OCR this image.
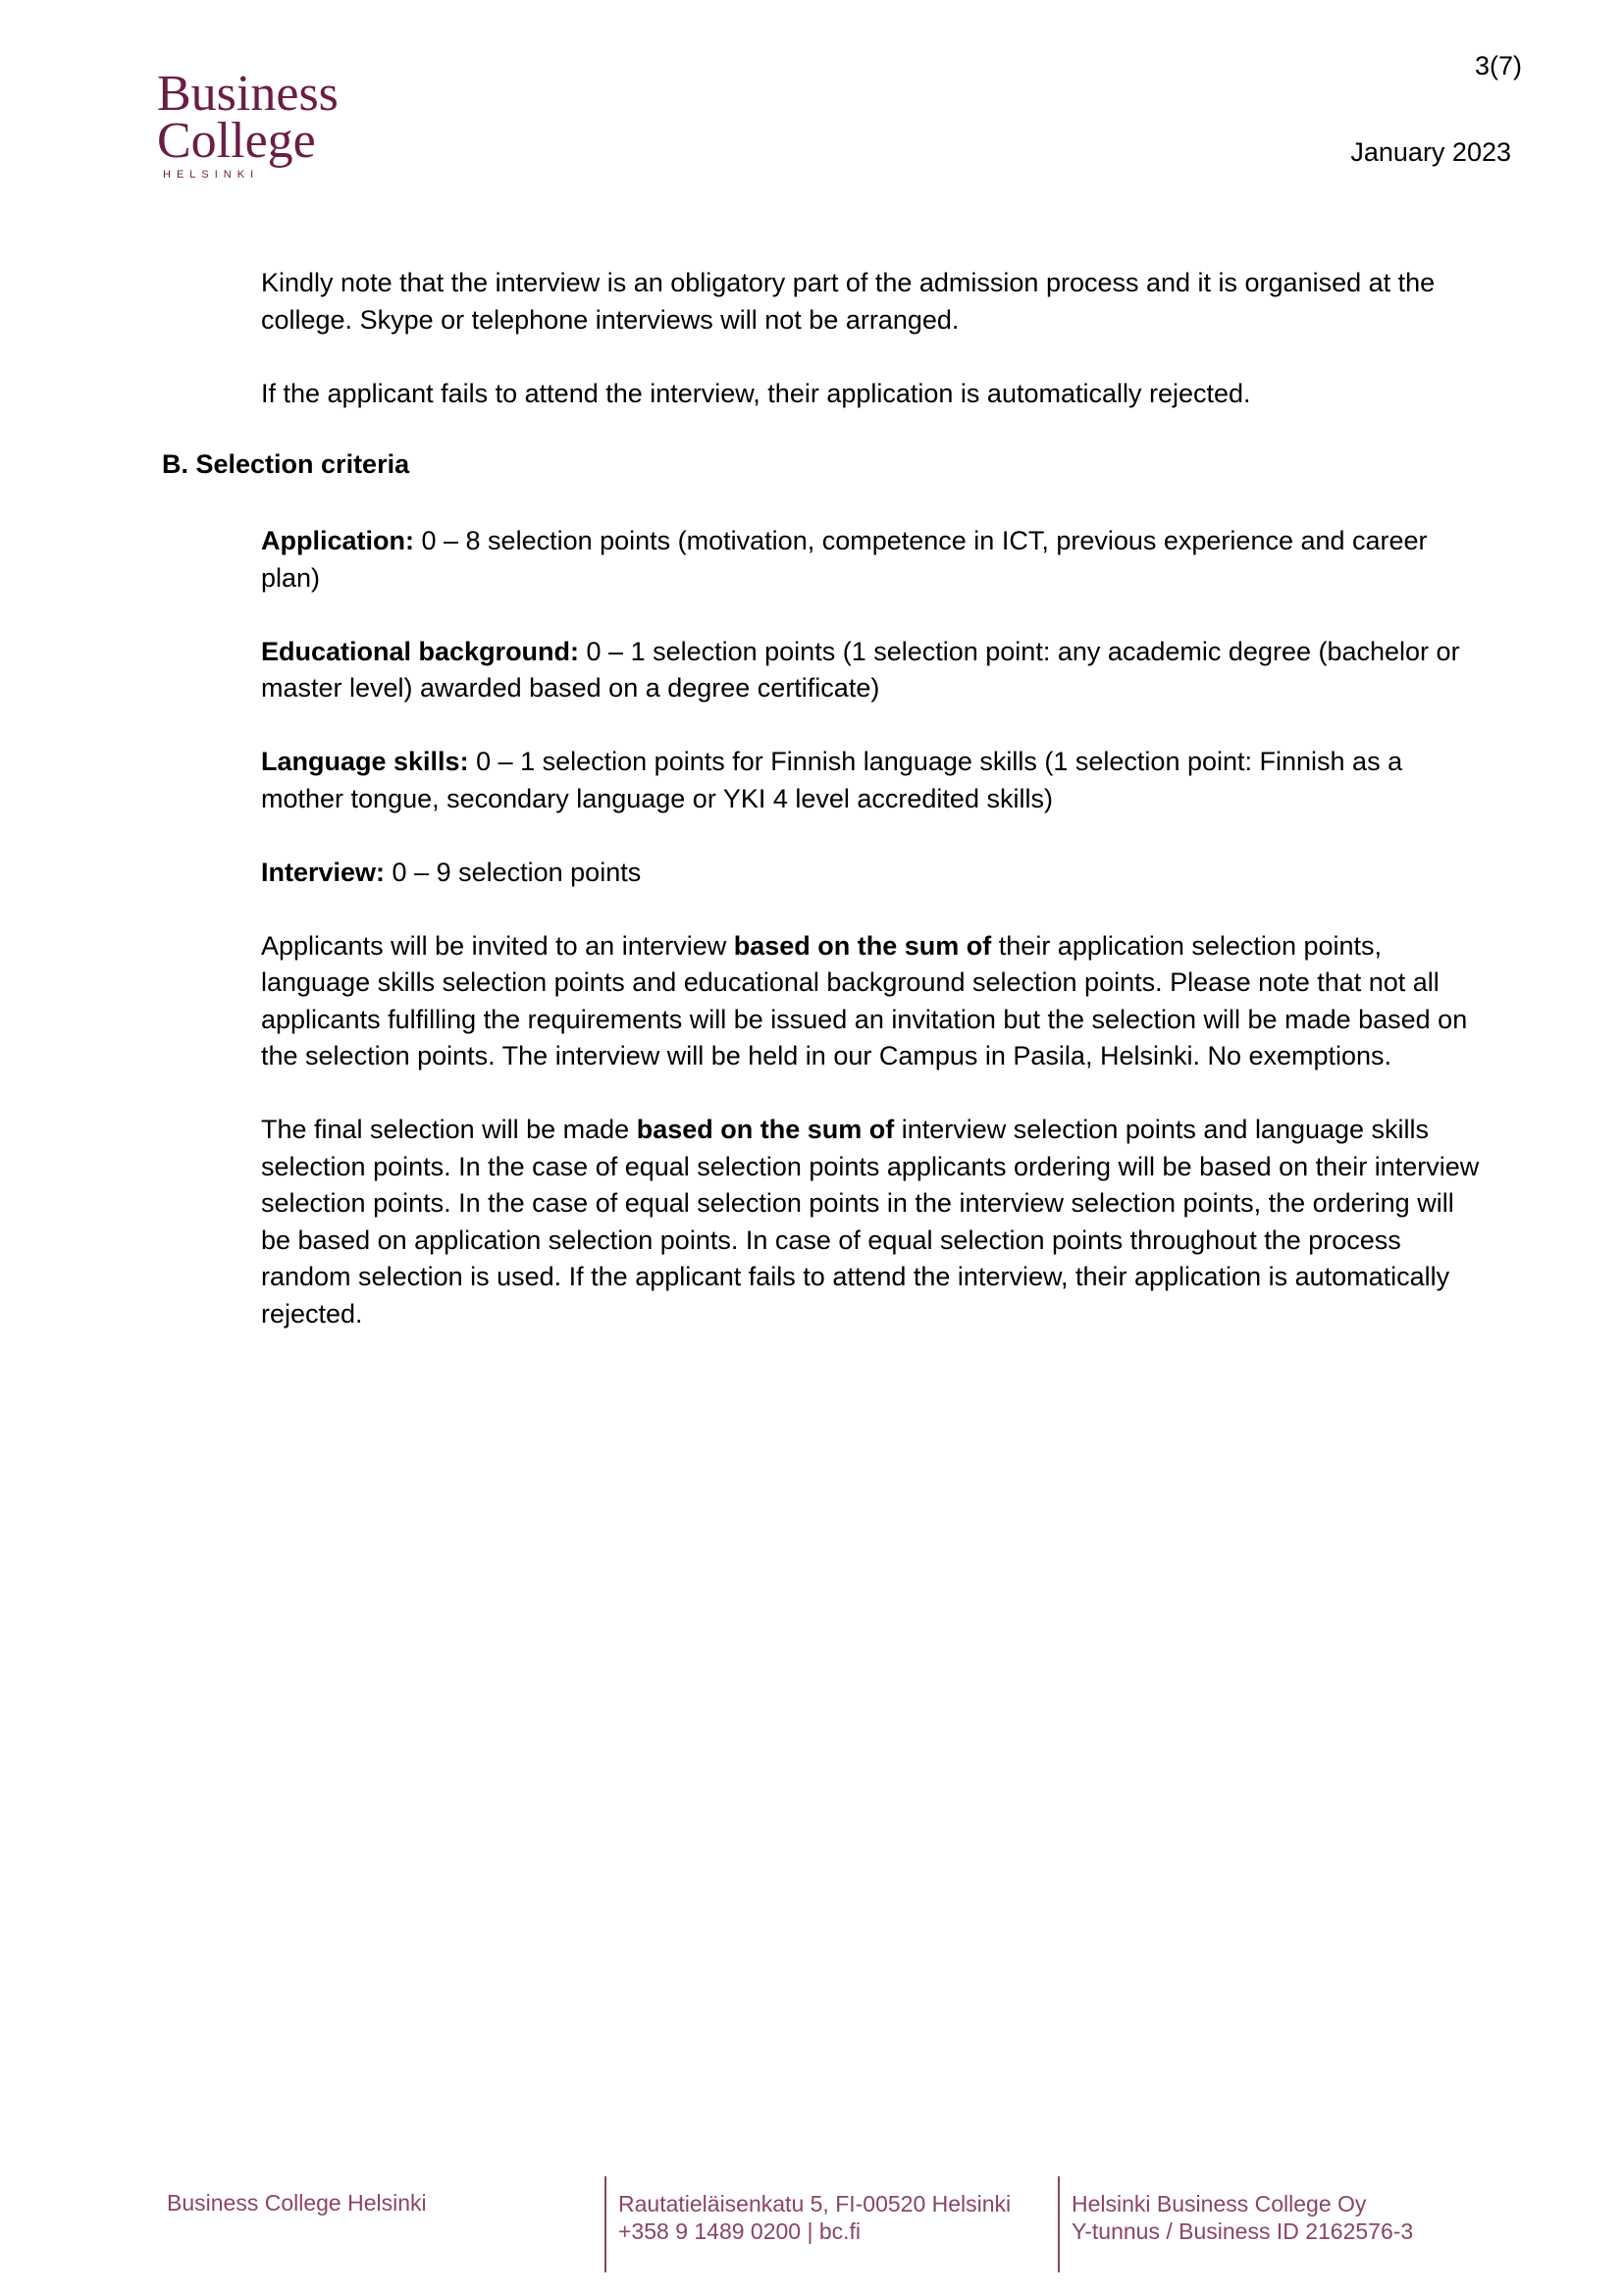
Business
College
HELSINKI
3(7)
January 2023

Kindly note that the interview is an obligatory part of the admission process and it is organised at the college. Skype or telephone interviews will not be arranged.

If the applicant fails to attend the interview, their application is automatically rejected.

B. Selection criteria

Application: 0 – 8 selection points (motivation, competence in ICT, previous experience and career plan)

Educational background: 0 – 1 selection points (1 selection point: any academic degree (bachelor or master level) awarded based on a degree certificate)

Language skills: 0 – 1 selection points for Finnish language skills (1 selection point: Finnish as a mother tongue, secondary language or YKI 4 level accredited skills)

Interview: 0 – 9 selection points

Applicants will be invited to an interview based on the sum of their application selection points, language skills selection points and educational background selection points. Please note that not all applicants fulfilling the requirements will be issued an invitation but the selection will be made based on the selection points. The interview will be held in our Campus in Pasila, Helsinki. No exemptions.

The final selection will be made based on the sum of interview selection points and language skills selection points. In the case of equal selection points applicants ordering will be based on their interview selection points. In the case of equal selection points in the interview selection points, the ordering will be based on application selection points. In case of equal selection points throughout the process random selection is used. If the applicant fails to attend the interview, their application is automatically rejected.

Business College Helsinki	Rautatieläisenkatu 5, FI-00520 Helsinki
+358 9 1489 0200 | bc.fi
Helsinki Business College Oy
Y-tunnus / Business ID 2162576-3
